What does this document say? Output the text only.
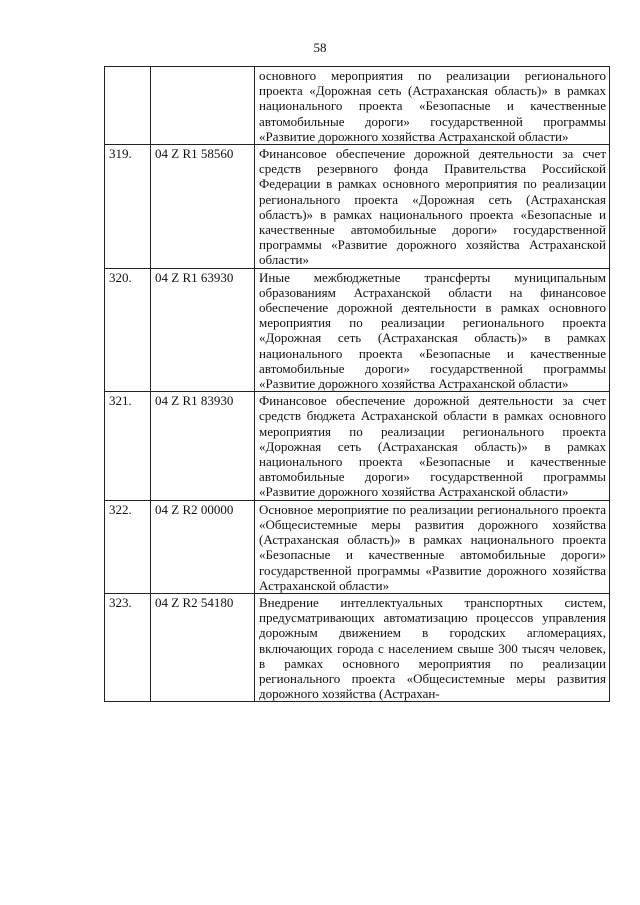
58
		основного мероприятия по реализации регионального проекта «Дорожная сеть (Астраханская область)» в рамках национального проекта «Безопасные и качественные автомобильные дороги» государственной программы «Развитие дорожного хозяйства Астраханской области»
319.	04 Z R1 58560	Финансовое обеспечение дорожной деятельности за счет средств резервного фонда Правительства Российской Федерации в рамках основного мероприятия по реализации регионального проекта «Дорожная сеть (Астраханская областъ)» в рамках национального проекта «Безопасные и качественные автомобильные дороги» государственной программы «Развитие дорожного хозяйства Астраханской области»
320.	04 Z R1 63930	Иные межбюджетные трансферты муниципальным образованиям Астраханской области на финансовое обеспечение дорожной деятельности в рамках основного мероприятия по реализации регионального проекта «Дорожная сеть (Астраханская область)» в рамках национального проекта «Безопасные и качественные автомобильные дороги» государственной программы «Развитие дорожного хозяйства Астраханской области»
321.	04 Z R1 83930	Финансовое обеспечение дорожной деятельности за счет средств бюджета Астраханской области в рамках основного мероприятия по реализации регионального проекта «Дорожная сеть (Астраханская область)» в рамках национального проекта «Безопасные и качественные автомобильные дороги» государственной программы «Развитие дорожного хозяйства Астраханской области»
322.	04 Z R2 00000	Основное мероприятие по реализации регионального проекта «Общесистемные меры развития дорожного хозяйства (Астраханская область)» в рамках национального проекта «Безопасные и качественные автомобильные дороги» государственной программы «Развитие дорожного хозяйства Астраханской области»
323.	04 Z R2 54180	Внедрение интеллектуальных транспортных систем, предусматривающих автоматизацию процессов управления дорожным движением в городских агломерациях, включающих города с населением свыше 300 тысяч человек, в рамках основного мероприятия по реализации регионального проекта «Общесистемные меры развития дорожного хозяйства (Астрахан-
